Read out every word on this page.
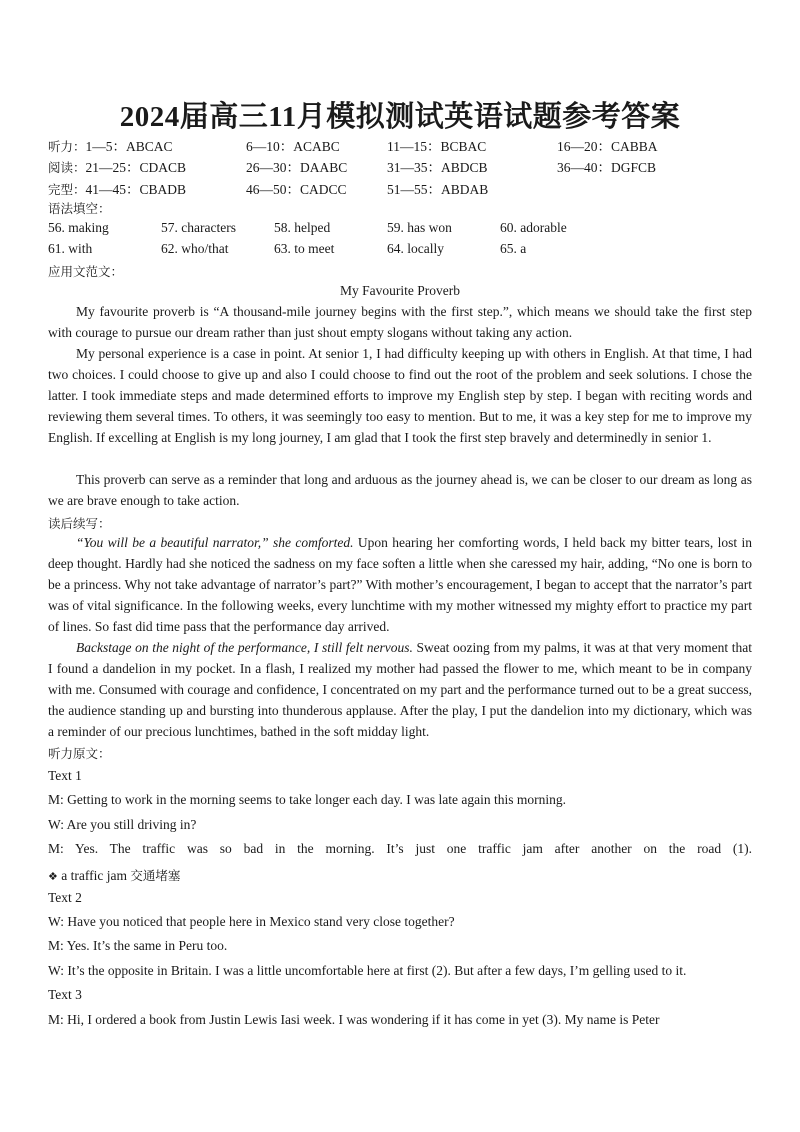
2024届高三11月模拟测试英语试题参考答案
听力：1—5：ABCAC	6—10：ACABC	11—15：BCBAC	16—20：CABBA
阅读：21—25：CDACB	26—30：DAABC	31—35：ABDCB	36—40：DGFCB
完型：41—45：CBADB	46—50：CADCC	51—55：ABDAB
语法填空：
56. making	57. characters	58. helped	59. has won	60. adorable
61. with	62. who/that	63. to meet	64. locally	65. a
应用文范文：
My Favourite Proverb

My favourite proverb is “A thousand-mile journey begins with the first step.”, which means we should take the first step with courage to pursue our dream rather than just shout empty slogans without taking any action.

My personal experience is a case in point. At senior 1, I had difficulty keeping up with others in English. At that time, I had two choices. I could choose to give up and also I could choose to find out the root of the problem and seek solutions. I chose the latter. I took immediate steps and made determined efforts to improve my English step by step. I began with reciting words and reviewing them several times. To others, it was seemingly too easy to mention. But to me, it was a key step for me to improve my English. If excelling at English is my long journey, I am glad that I took the first step bravely and determinedly in senior 1.

This proverb can serve as a reminder that long and arduous as the journey ahead is, we can be closer to our dream as long as we are brave enough to take action.

读后续写：

“You will be a beautiful narrator,” she comforted. Upon hearing her comforting words, I held back my bitter tears, lost in deep thought. Hardly had she noticed the sadness on my face soften a little when she caressed my hair, adding, “No one is born to be a princess. Why not take advantage of narrator’s part?” With mother’s encouragement, I began to accept that the narrator’s part was of vital significance. In the following weeks, every lunchtime with my mother witnessed my mighty effort to practice my part of lines. So fast did time pass that the performance day arrived.

Backstage on the night of the performance, I still felt nervous. Sweat oozing from my palms, it was at that very moment that I found a dandelion in my pocket. In a flash, I realized my mother had passed the flower to me, which meant to be in company with me. Consumed with courage and confidence, I concentrated on my part and the performance turned out to be a great success, the audience standing up and bursting into thunderous applause. After the play, I put the dandelion into my dictionary, which was a reminder of our precious lunchtimes, bathed in the soft midday light.

听力原文：
Text 1
M: Getting to work in the morning seems to take longer each day. I was late again this morning.
W: Are you still driving in?
M: Yes. The traffic was so bad in the morning. It’s just one traffic jam after another on the road (1).
❖ a traffic jam 交通堵塞
Text 2
W: Have you noticed that people here in Mexico stand very close together?
M: Yes. It’s the same in Peru too.
W: It’s the opposite in Britain. I was a little uncomfortable here at first (2). But after a few days, I’m gelling used to it.
Text 3
M: Hi, I ordered a book from Justin Lewis Iasi week. I was wondering if it has come in yet (3). My name is Peter
